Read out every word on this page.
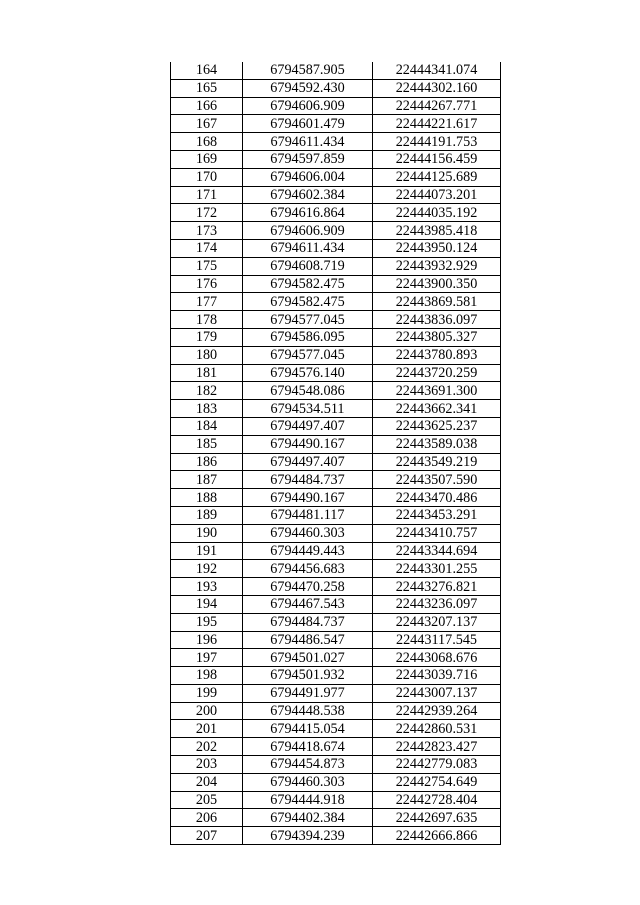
164	6794587.905	22444341.074
165	6794592.430	22444302.160
166	6794606.909	22444267.771
167	6794601.479	22444221.617
168	6794611.434	22444191.753
169	6794597.859	22444156.459
170	6794606.004	22444125.689
171	6794602.384	22444073.201
172	6794616.864	22444035.192
173	6794606.909	22443985.418
174	6794611.434	22443950.124
175	6794608.719	22443932.929
176	6794582.475	22443900.350
177	6794582.475	22443869.581
178	6794577.045	22443836.097
179	6794586.095	22443805.327
180	6794577.045	22443780.893
181	6794576.140	22443720.259
182	6794548.086	22443691.300
183	6794534.511	22443662.341
184	6794497.407	22443625.237
185	6794490.167	22443589.038
186	6794497.407	22443549.219
187	6794484.737	22443507.590
188	6794490.167	22443470.486
189	6794481.117	22443453.291
190	6794460.303	22443410.757
191	6794449.443	22443344.694
192	6794456.683	22443301.255
193	6794470.258	22443276.821
194	6794467.543	22443236.097
195	6794484.737	22443207.137
196	6794486.547	22443117.545
197	6794501.027	22443068.676
198	6794501.932	22443039.716
199	6794491.977	22443007.137
200	6794448.538	22442939.264
201	6794415.054	22442860.531
202	6794418.674	22442823.427
203	6794454.873	22442779.083
204	6794460.303	22442754.649
205	6794444.918	22442728.404
206	6794402.384	22442697.635
207	6794394.239	22442666.866
